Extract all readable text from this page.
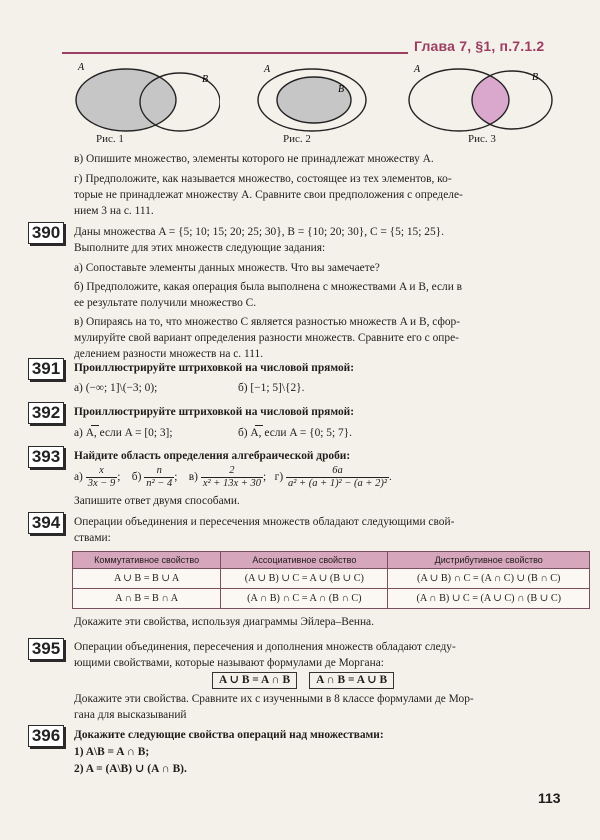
Глава 7, §1, п.7.1.2
A
B
Рис. 1
A
B
Рис. 2
A
B
Рис. 3
в) Опишите множество, элементы которого не принадлежат множеству A.
г) Предположите, как называется множество, состоящее из тех элементов, ко-
торые не принадлежат множеству A. Сравните свои предположения с определе-
нием 3 на с. 111.
390	Даны множества A = {5; 10; 15; 20; 25; 30}, B = {10; 20; 30}, C = {5; 15; 25}.
Выполните для этих множеств следующие задания:
а) Сопоставьте элементы данных множеств. Что вы замечаете?
б) Предположите, какая операция была выполнена с множествами A и B, если в
ее результате получили множество C.
в) Опираясь на то, что множество C является разностью множеств A и B, сфор-
мулируйте свой вариант определения разности множеств. Сравните его с опре-
делением разности множеств на с. 111.
391	Проиллюстрируйте штриховкой на числовой прямой:
а) (−∞; 1]\(−3; 0);	б) [−1; 5]\{2}.
392	Проиллюстрируйте штриховкой на числовой прямой:
а) A, если A = [0; 3];	б) A, если A = {0; 5; 7}.
393	Найдите область определения алгебраической дроби:
$а) \frac{x}{3x - 9}$ ;    $б) \frac{n}{\text{n² − 4}}$ ;    $в) \frac{2}{\text{x² + 13x + 30}}$ ;   $г) \frac{6a}{\text{a² + (a + 1)² − (a + 2)²}}$ .
Запишите ответ двумя способами.
394	Операции объединения и пересечения множеств обладают следующими свой-
ствами:
Коммутативное свойство	Ассоциативное свойство	Дистрибутивное свойство
A ∪ B = B ∪ A	(A ∪ B) ∪ C = A ∪ (B ∪ C)	(A ∪ B) ∩ C = (A ∩ C) ∪ (B ∩ C)
A ∩ B = B ∩ A	(A ∩ B) ∩ C = A ∩ (B ∩ C)	(A ∩ B) ∪ C = (A ∪ C) ∩ (B ∪ C)
Докажите эти свойства, используя диаграммы Эйлера–Венна.
395	Операции объединения, пересечения и дополнения множеств обладают следу-
ющими свойствами, которые называют формулами де Моргана:
A ∪ B = A ∩ B A ∩ B = A ∪ B
Докажите эти свойства. Сравните их с изученными в 8 классе формулами де Мор-
гана для высказываний
396	Докажите следующие свойства операций над множествами:
1) A\B = A ∩ B;
2) A = (A\B) ∪ (A ∩ B).
113
